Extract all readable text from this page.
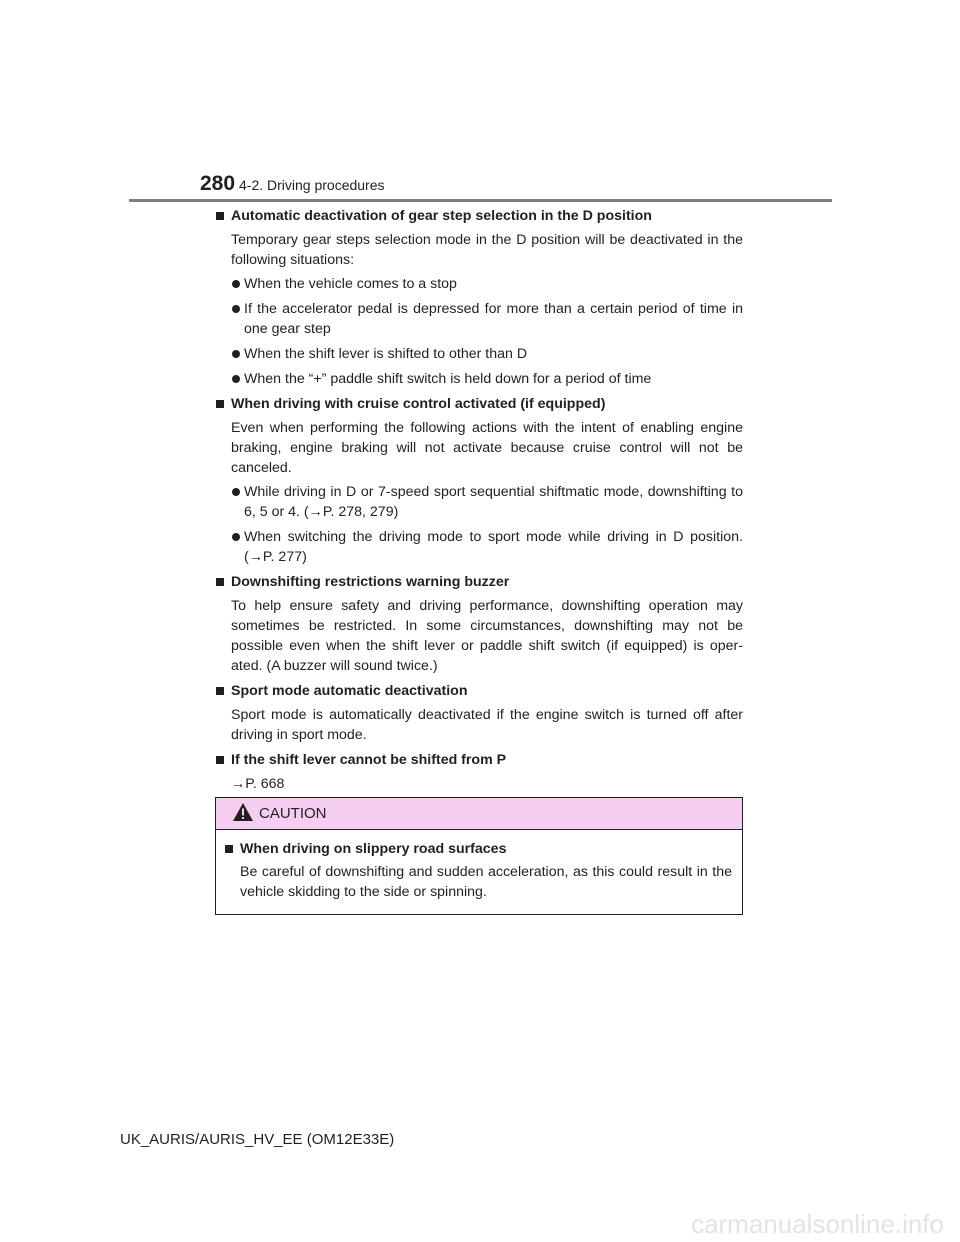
280 4-2. Driving procedures
Automatic deactivation of gear step selection in the D position
Temporary gear steps selection mode in the D position will be deactivated in the following situations:
When the vehicle comes to a stop
If the accelerator pedal is depressed for more than a certain period of time in one gear step
When the shift lever is shifted to other than D
When the “+” paddle shift switch is held down for a period of time
When driving with cruise control activated (if equipped)
Even when performing the following actions with the intent of enabling engine braking, engine braking will not activate because cruise control will not be canceled.
While driving in D or 7-speed sport sequential shiftmatic mode, downshifting to 6, 5 or 4. (→P. 278, 279)
When switching the driving mode to sport mode while driving in D position. (→P. 277)
Downshifting restrictions warning buzzer
To help ensure safety and driving performance, downshifting operation may sometimes be restricted. In some circumstances, downshifting may not be possible even when the shift lever or paddle shift switch (if equipped) is oper-ated. (A buzzer will sound twice.)
Sport mode automatic deactivation
Sport mode is automatically deactivated if the engine switch is turned off after driving in sport mode.
If the shift lever cannot be shifted from P
→P. 668
CAUTION
When driving on slippery road surfaces
Be careful of downshifting and sudden acceleration, as this could result in the vehicle skidding to the side or spinning.
UK_AURIS/AURIS_HV_EE (OM12E33E)
carmanualsonline.info
